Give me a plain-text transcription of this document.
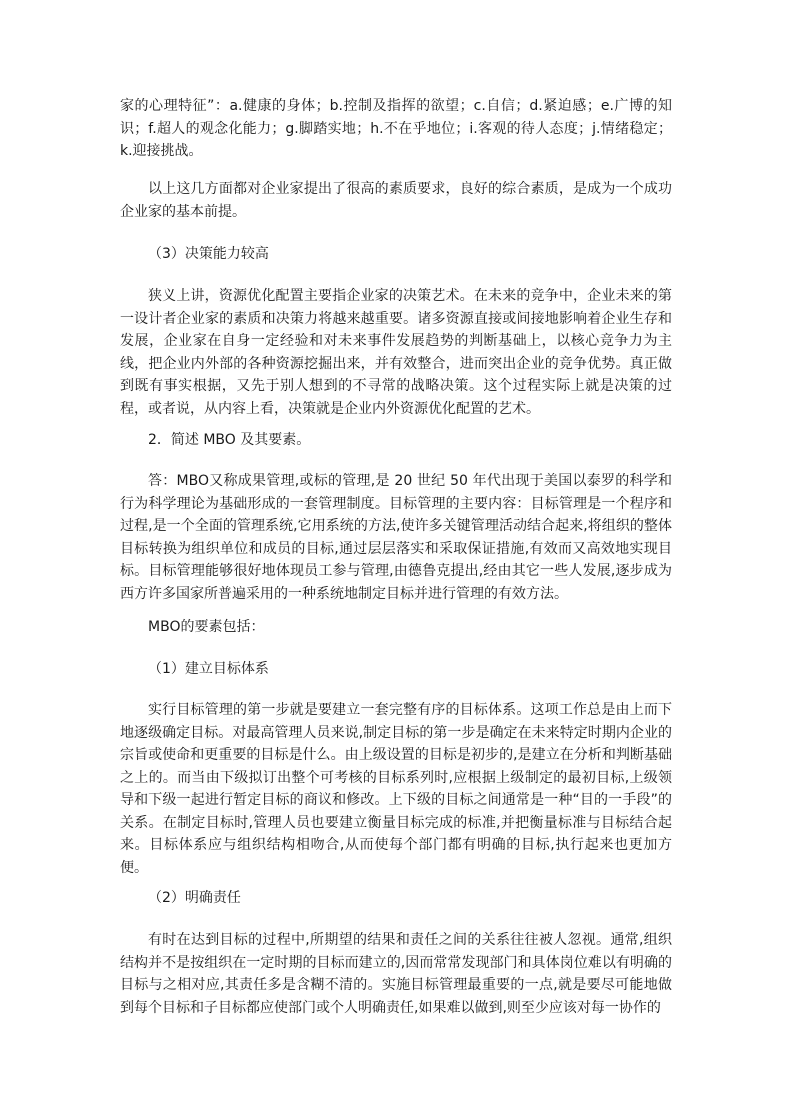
家的心理特征”：a.健康的身体；b.控制及指挥的欲望；c.自信；d.紧迫感；e.广博的知识；f.超人的观念化能力；g.脚踏实地；h.不在乎地位；i.客观的待人态度；j.情绪稳定；k.迎接挑战。

以上这几方面都对企业家提出了很高的素质要求，良好的综合素质，是成为一个成功企业家的基本前提。

（3）决策能力较高

狭义上讲，资源优化配置主要指企业家的决策艺术。在未来的竞争中，企业未来的第一设计者企业家的素质和决策力将越来越重要。诸多资源直接或间接地影响着企业生存和发展，企业家在自身一定经验和对未来事件发展趋势的判断基础上，以核心竞争力为主线，把企业内外部的各种资源挖掘出来，并有效整合，进而突出企业的竞争优势。真正做到既有事实根据，又先于别人想到的不寻常的战略决策。这个过程实际上就是决策的过程，或者说，从内容上看，决策就是企业内外资源优化配置的艺术。

2．简述 MBO 及其要素。

答：MBO又称成果管理,或标的管理,是 20 世纪 50 年代出现于美国以泰罗的科学和行为科学理论为基础形成的一套管理制度。目标管理的主要内容：目标管理是一个程序和过程,是一个全面的管理系统,它用系统的方法,使许多关键管理活动结合起来,将组织的整体目标转换为组织单位和成员的目标,通过层层落实和采取保证措施,有效而又高效地实现目标。目标管理能够很好地体现员工参与管理,由德鲁克提出,经由其它一些人发展,逐步成为西方许多国家所普遍采用的一种系统地制定目标并进行管理的有效方法。

MBO的要素包括：

（1）建立目标体系

实行目标管理的第一步就是要建立一套完整有序的目标体系。这项工作总是由上而下地逐级确定目标。对最高管理人员来说,制定目标的第一步是确定在未来特定时期内企业的宗旨或使命和更重要的目标是什么。由上级设置的目标是初步的,是建立在分析和判断基础之上的。而当由下级拟订出整个可考核的目标系列时,应根据上级制定的最初目标,上级领导和下级一起进行暂定目标的商议和修改。上下级的目标之间通常是一种“目的一手段”的关系。在制定目标时,管理人员也要建立衡量目标完成的标准,并把衡量标准与目标结合起来。目标体系应与组织结构相吻合,从而使每个部门都有明确的目标,执行起来也更加方便。

（2）明确责任

有时在达到目标的过程中,所期望的结果和责任之间的关系往往被人忽视。通常,组织结构并不是按组织在一定时期的目标而建立的,因而常常发现部门和具体岗位难以有明确的目标与之相对应,其责任多是含糊不清的。实施目标管理最重要的一点,就是要尽可能地做到每个目标和子目标都应使部门或个人明确责任,如果难以做到,则至少应该对每一协作的
